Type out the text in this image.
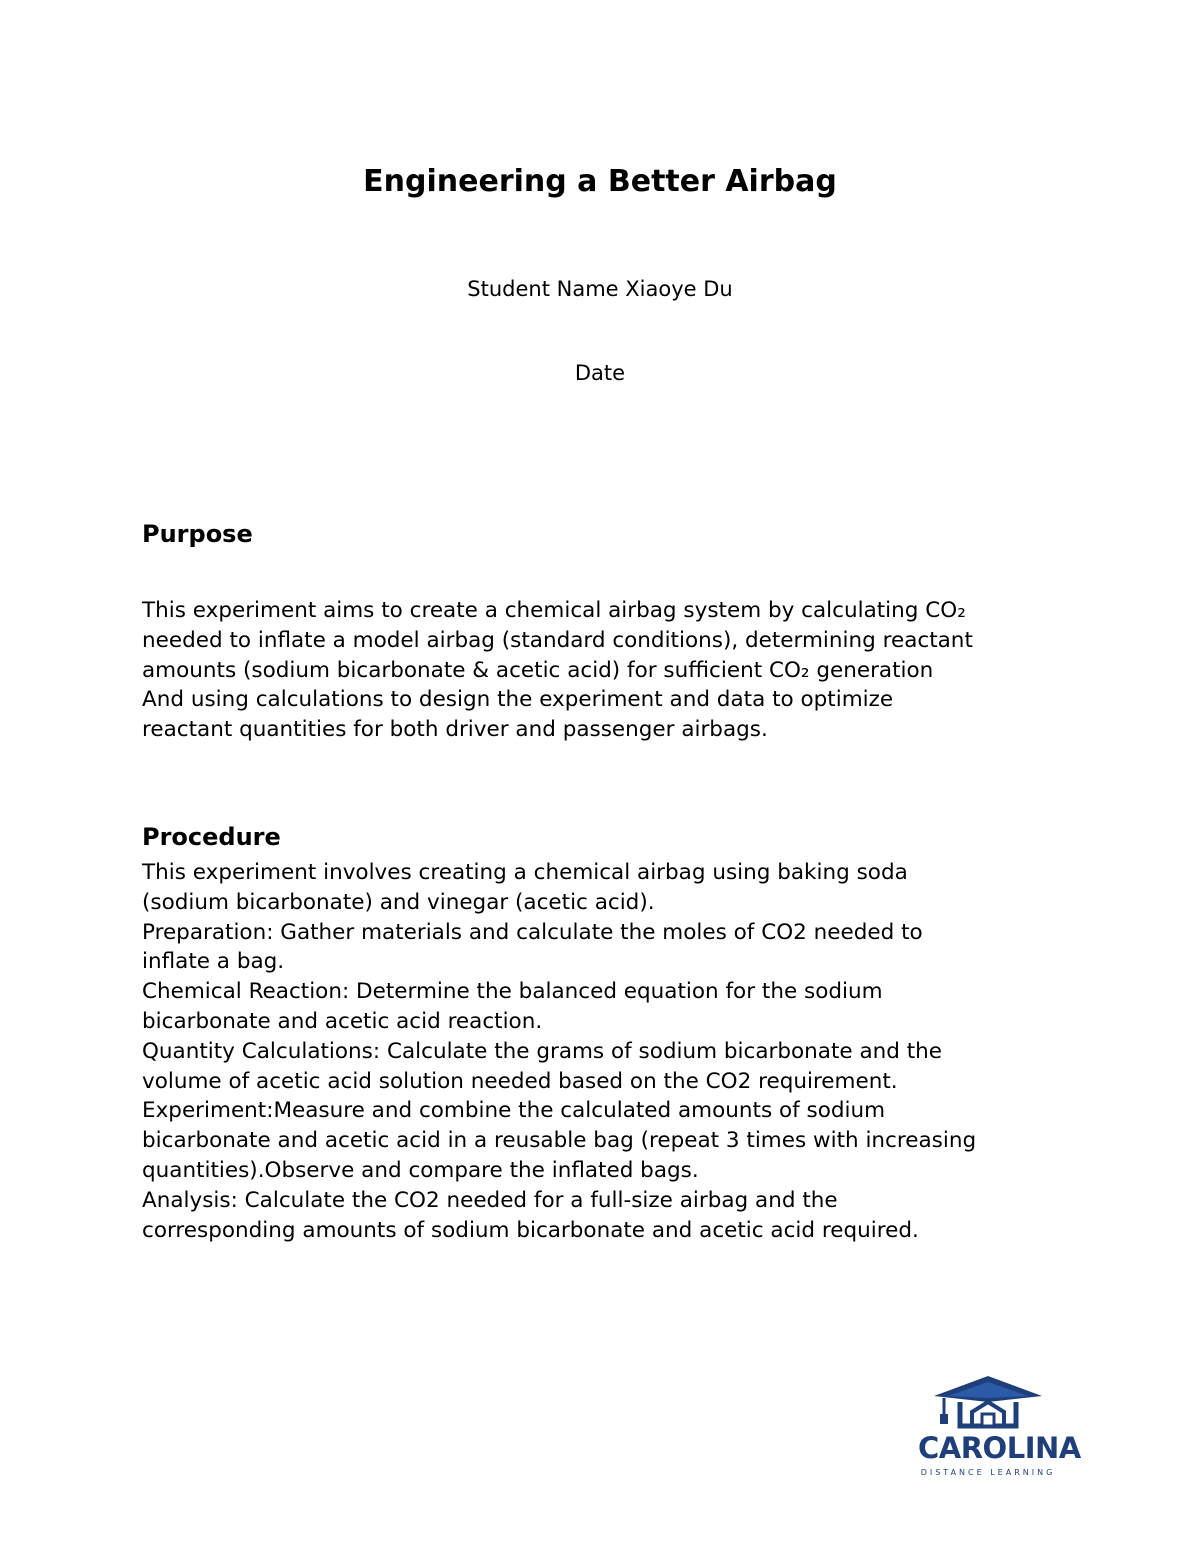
Engineering a Better Airbag

Student Name Xiaoye Du

Date

Purpose
This experiment aims to create a chemical airbag system by calculating CO₂
needed to inflate a model airbag (standard conditions), determining reactant
amounts (sodium bicarbonate & acetic acid) for sufficient CO₂ generation
And using calculations to design the experiment and data to optimize
reactant quantities for both driver and passenger airbags.
Procedure
This experiment involves creating a chemical airbag using baking soda
(sodium bicarbonate) and vinegar (acetic acid).
Preparation: Gather materials and calculate the moles of CO2 needed to
inflate a bag.
Chemical Reaction: Determine the balanced equation for the sodium
bicarbonate and acetic acid reaction.
Quantity Calculations: Calculate the grams of sodium bicarbonate and the
volume of acetic acid solution needed based on the CO2 requirement.
Experiment:Measure and combine the calculated amounts of sodium
bicarbonate and acetic acid in a reusable bag (repeat 3 times with increasing
quantities).Observe and compare the inflated bags.
Analysis: Calculate the CO2 needed for a full-size airbag and the
corresponding amounts of sodium bicarbonate and acetic acid required.
CAROLINA
DISTANCE LEARNING
